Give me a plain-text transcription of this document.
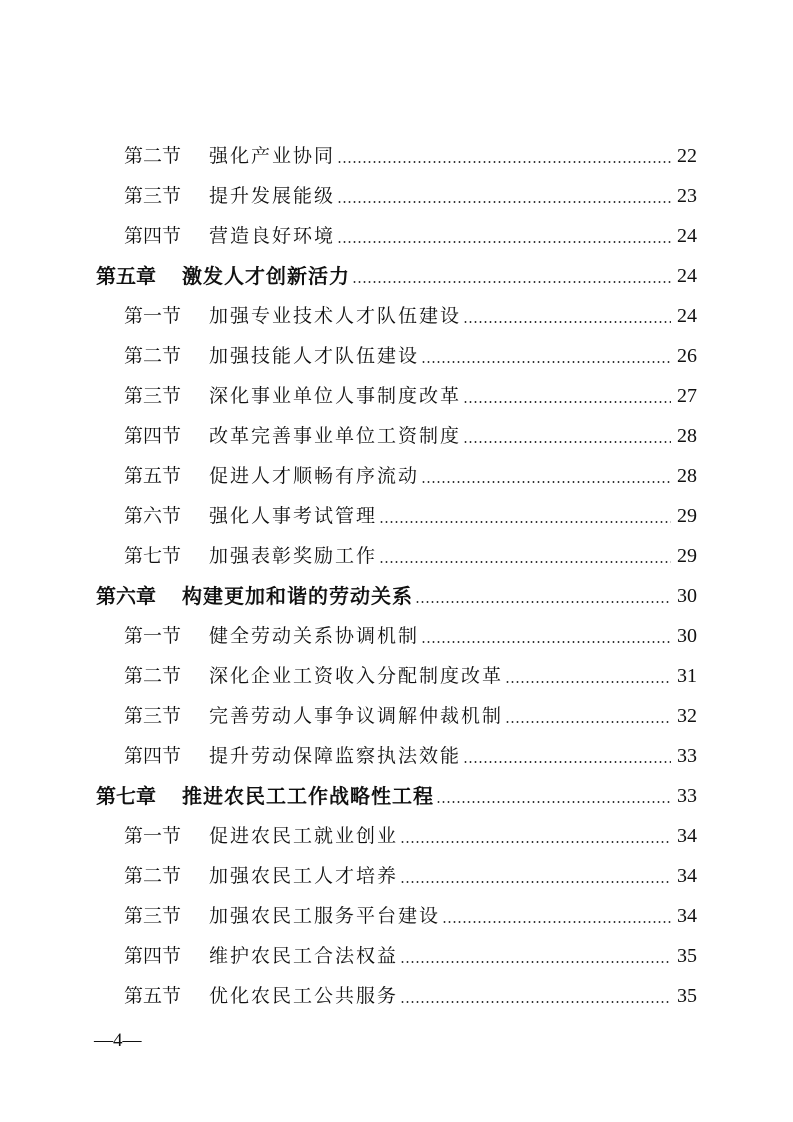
第二节 强化产业协同	22
第三节 提升发展能级	23
第四节 营造良好环境	24
第五章 激发人才创新活力	24
第一节 加强专业技术人才队伍建设	24
第二节 加强技能人才队伍建设	26
第三节 深化事业单位人事制度改革	27
第四节 改革完善事业单位工资制度	28
第五节 促进人才顺畅有序流动	28
第六节 强化人事考试管理	29
第七节 加强表彰奖励工作	29
第六章 构建更加和谐的劳动关系	30
第一节 健全劳动关系协调机制	30
第二节 深化企业工资收入分配制度改革	31
第三节 完善劳动人事争议调解仲裁机制	32
第四节 提升劳动保障监察执法效能	33
第七章 推进农民工工作战略性工程	33
第一节 促进农民工就业创业	34
第二节 加强农民工人才培养	34
第三节 加强农民工服务平台建设	34
第四节 维护农民工合法权益	35
第五节 优化农民工公共服务	35
—4—
